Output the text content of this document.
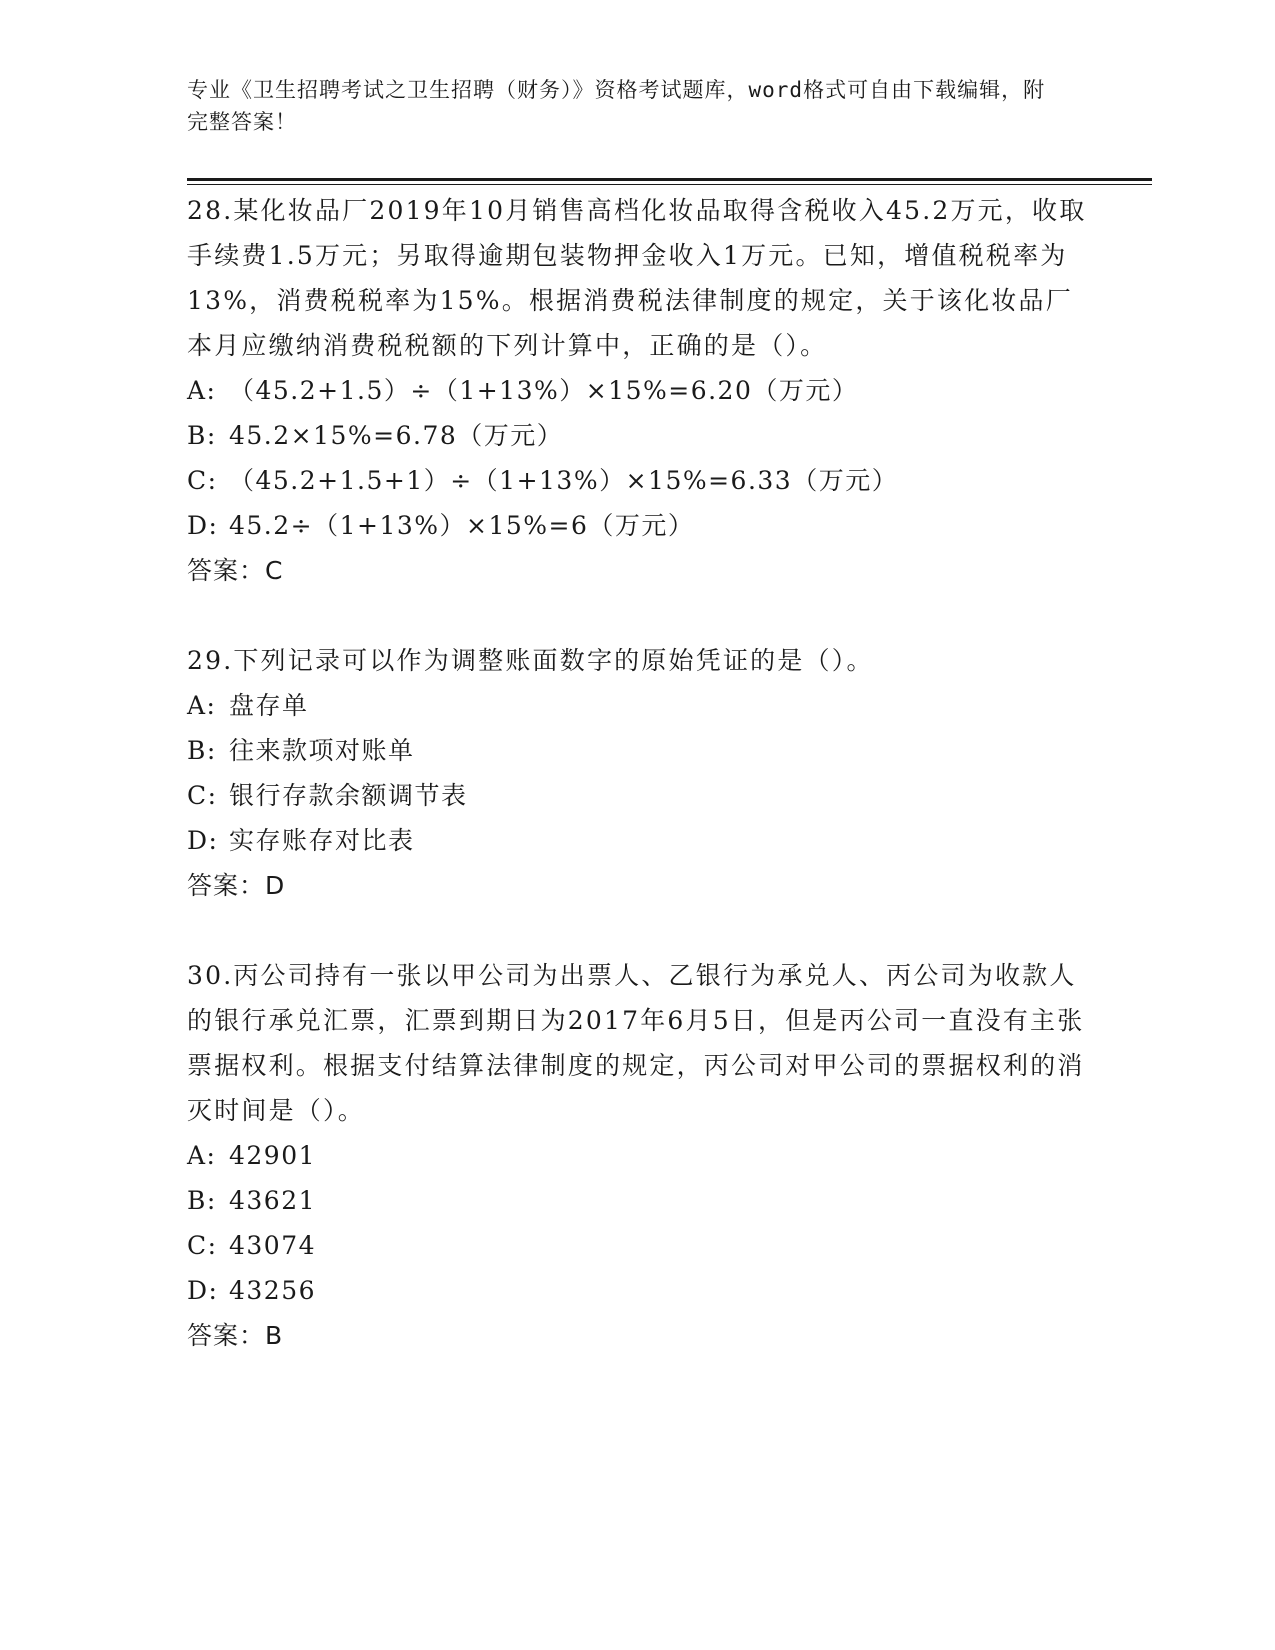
专业《卫生招聘考试之卫生招聘（财务）》资格考试题库，word格式可自由下载编辑，附完整答案！

28.某化妆品厂2019年10月销售高档化妆品取得含税收入45.2万元，收取手续费1.5万元；另取得逾期包装物押金收入1万元。已知，增值税税率为13%，消费税税率为15%。根据消费税法律制度的规定，关于该化妆品厂本月应缴纳消费税税额的下列计算中，正确的是（）。

A: （45.2+1.5）÷（1+13%）×15%=6.20（万元）

B: 45.2×15%=6.78（万元）

C: （45.2+1.5+1）÷（1+13%）×15%=6.33（万元）

D: 45.2÷（1+13%）×15%=6（万元）

答案：C

29.下列记录可以作为调整账面数字的原始凭证的是（）。

A: 盘存单

B: 往来款项对账单

C: 银行存款余额调节表

D: 实存账存对比表

答案：D

30.丙公司持有一张以甲公司为出票人、乙银行为承兑人、丙公司为收款人的银行承兑汇票，汇票到期日为2017年6月5日，但是丙公司一直没有主张票据权利。根据支付结算法律制度的规定，丙公司对甲公司的票据权利的消灭时间是（）。

A: 42901

B: 43621

C: 43074

D: 43256

答案：B
